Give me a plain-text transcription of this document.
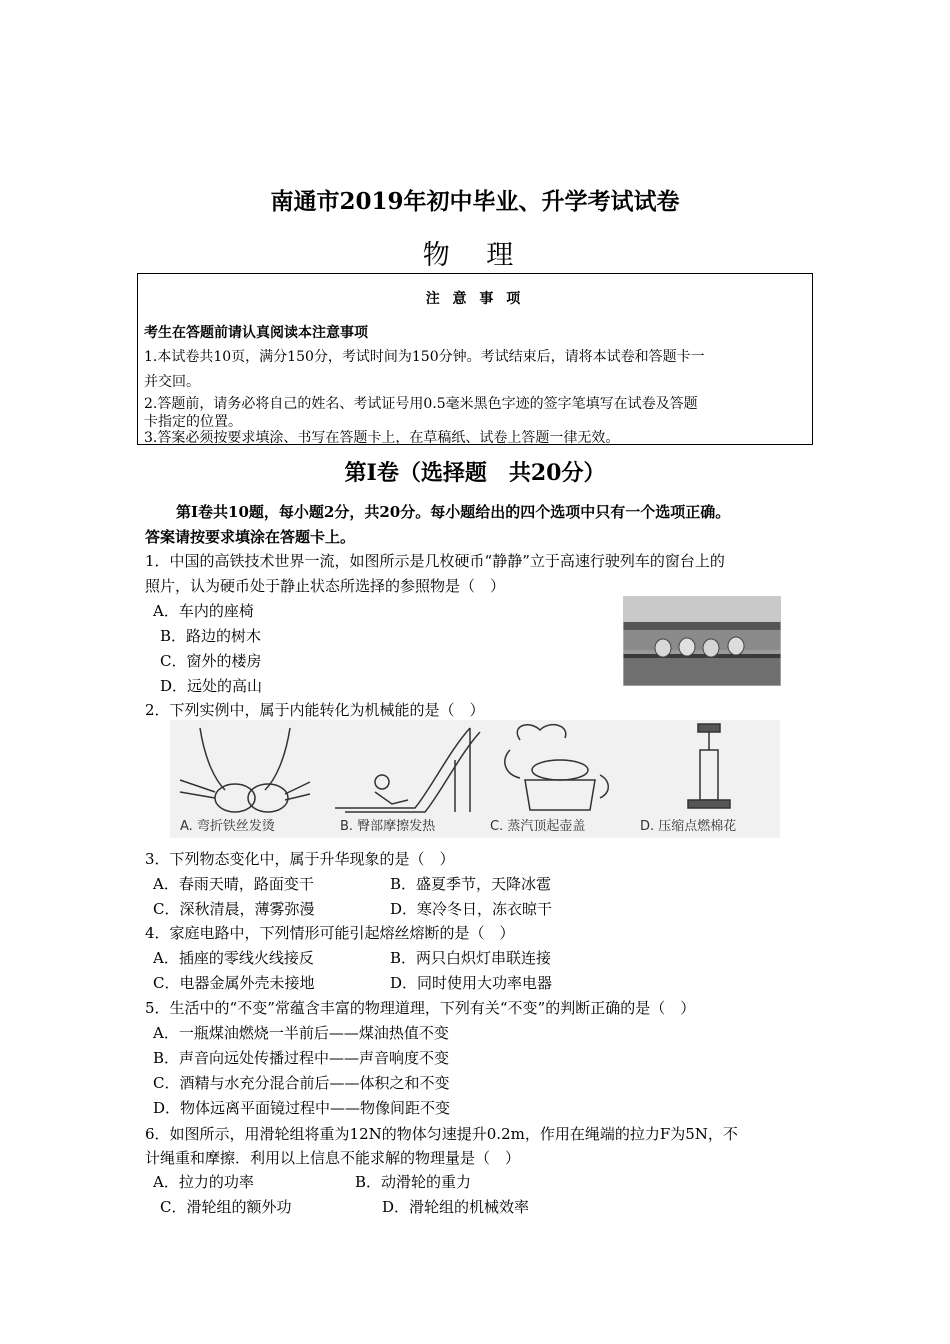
南通市2019年初中毕业、升学考试试卷
物 理
注 意 事 项
考生在答题前请认真阅读本注意事项
1.本试卷共10页，满分150分，考试时间为150分钟。考试结束后，请将本试卷和答题卡一
并交回。
2.答题前，请务必将自己的姓名、考试证号用0.5毫米黑色字迹的签字笔填写在试卷及答题
卡指定的位置。
3.答案必须按要求填涂、书写在答题卡上，在草稿纸、试卷上答题一律无效。
第Ⅰ卷（选择题　共20分）
第Ⅰ卷共10题，每小题2分，共20分。每小题给出的四个选项中只有一个选项正确。
答案请按要求填涂在答题卡上。
1．中国的高铁技术世界一流，如图所示是几枚硬币“静静”立于高速行驶列车的窗台上的
照片，认为硬币处于静止状态所选择的参照物是（　）
A．车内的座椅
B．路边的树木
C．窗外的楼房
D．远处的高山
2．下列实例中，属于内能转化为机械能的是（　）
A. 弯折铁丝发烫	B. 臀部摩擦发热	C. 蒸汽顶起壶盖	D. 压缩点燃棉花
3．下列物态变化中，属于升华现象的是（　）
A．春雨天晴，路面变干	B．盛夏季节，天降冰雹
C．深秋清晨，薄雾弥漫	D．寒冷冬日，冻衣晾干
4．家庭电路中，下列情形可能引起熔丝熔断的是（　）
A．插座的零线火线接反	B．两只白炽灯串联连接
C．电器金属外壳未接地	D．同时使用大功率电器
5．生活中的“不变”常蕴含丰富的物理道理，下列有关“不变”的判断正确的是（　）
A．一瓶煤油燃烧一半前后——煤油热值不变
B．声音向远处传播过程中——声音响度不变
C．酒精与水充分混合前后——体积之和不变
D．物体远离平面镜过程中——物像间距不变
6．如图所示，用滑轮组将重为12N的物体匀速提升0.2m，作用在绳端的拉力F为5N，不
计绳重和摩擦．利用以上信息不能求解的物理量是（　）
A．拉力的功率	B．动滑轮的重力
C．滑轮组的额外功	D．滑轮组的机械效率
